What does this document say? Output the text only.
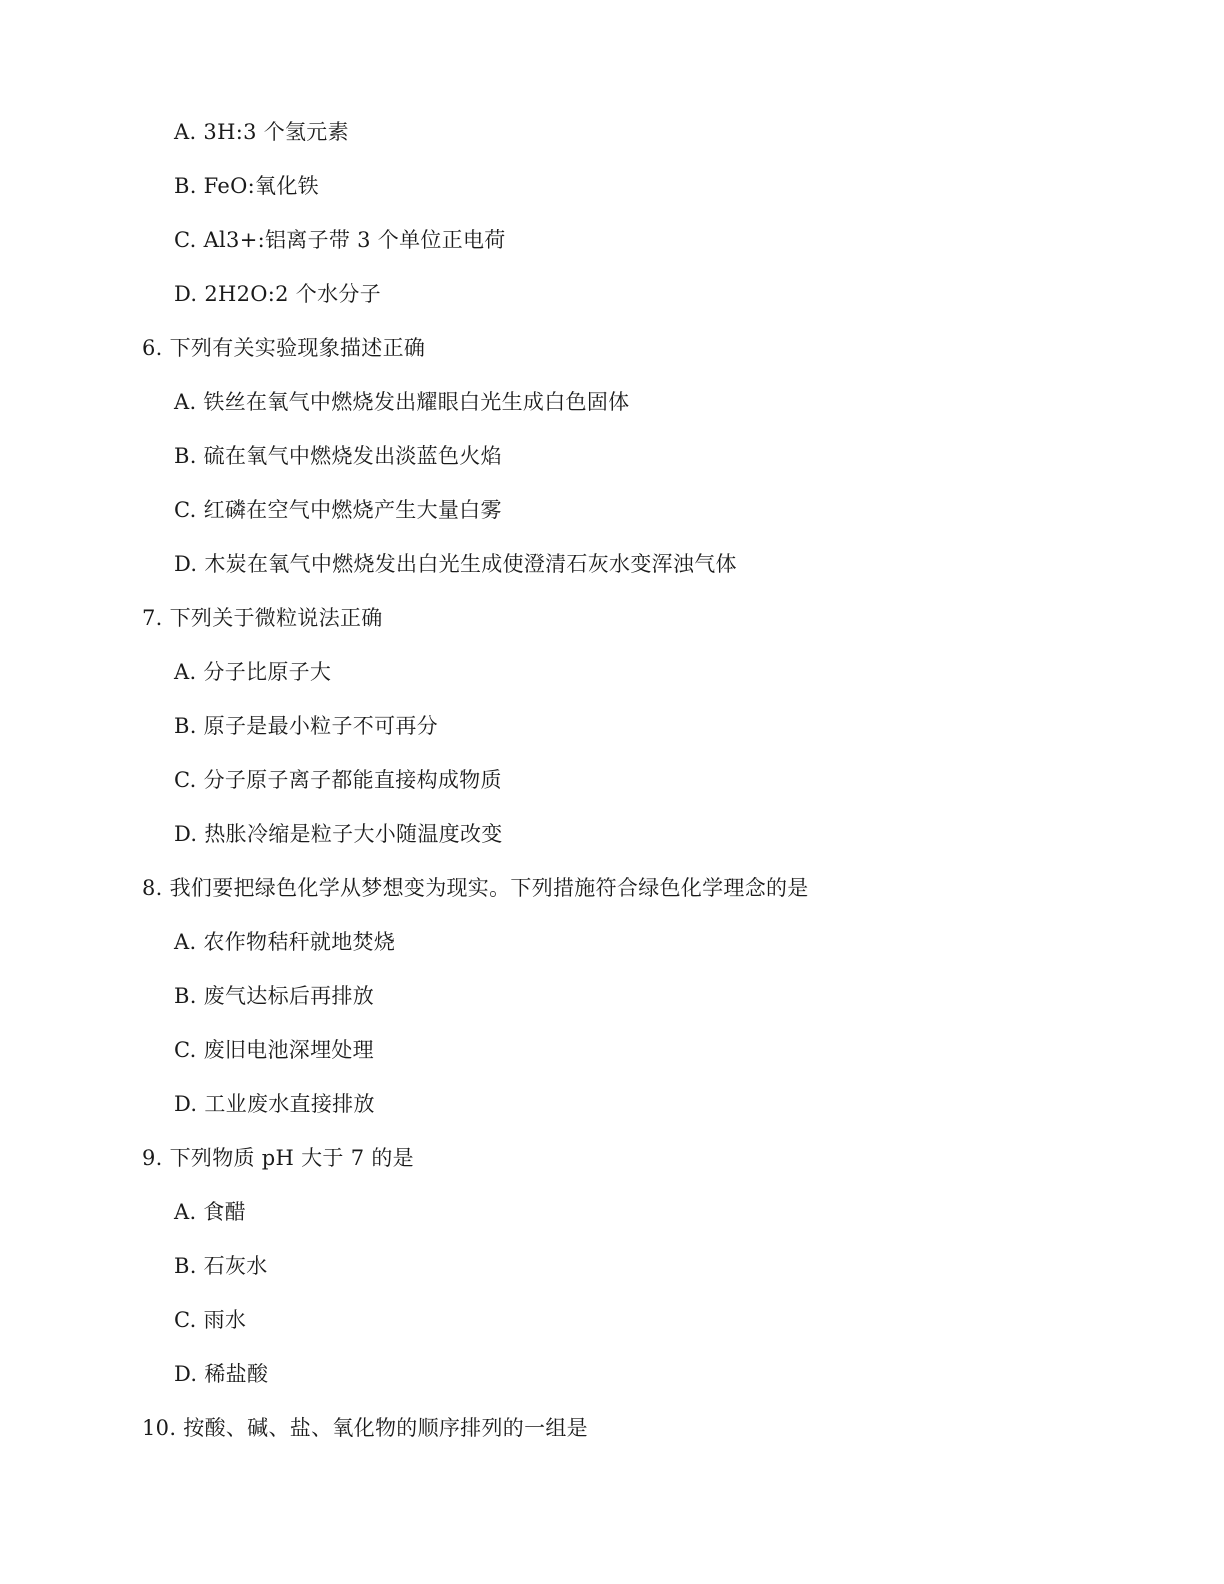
A. 3H:3 个氢元素
B. FeO:氧化铁
C. Al3+:铝离子带 3 个单位正电荷
D. 2H2O:2 个水分子
6. 下列有关实验现象描述正确
A. 铁丝在氧气中燃烧发出耀眼白光生成白色固体
B. 硫在氧气中燃烧发出淡蓝色火焰
C. 红磷在空气中燃烧产生大量白雾
D. 木炭在氧气中燃烧发出白光生成使澄清石灰水变浑浊气体
7. 下列关于微粒说法正确
A. 分子比原子大
B. 原子是最小粒子不可再分
C. 分子原子离子都能直接构成物质
D. 热胀冷缩是粒子大小随温度改变
8. 我们要把绿色化学从梦想变为现实。下列措施符合绿色化学理念的是
A. 农作物秸秆就地焚烧
B. 废气达标后再排放
C. 废旧电池深埋处理
D. 工业废水直接排放
9. 下列物质 pH 大于 7 的是
A. 食醋
B. 石灰水
C. 雨水
D. 稀盐酸
10. 按酸、碱、盐、氧化物的顺序排列的一组是
